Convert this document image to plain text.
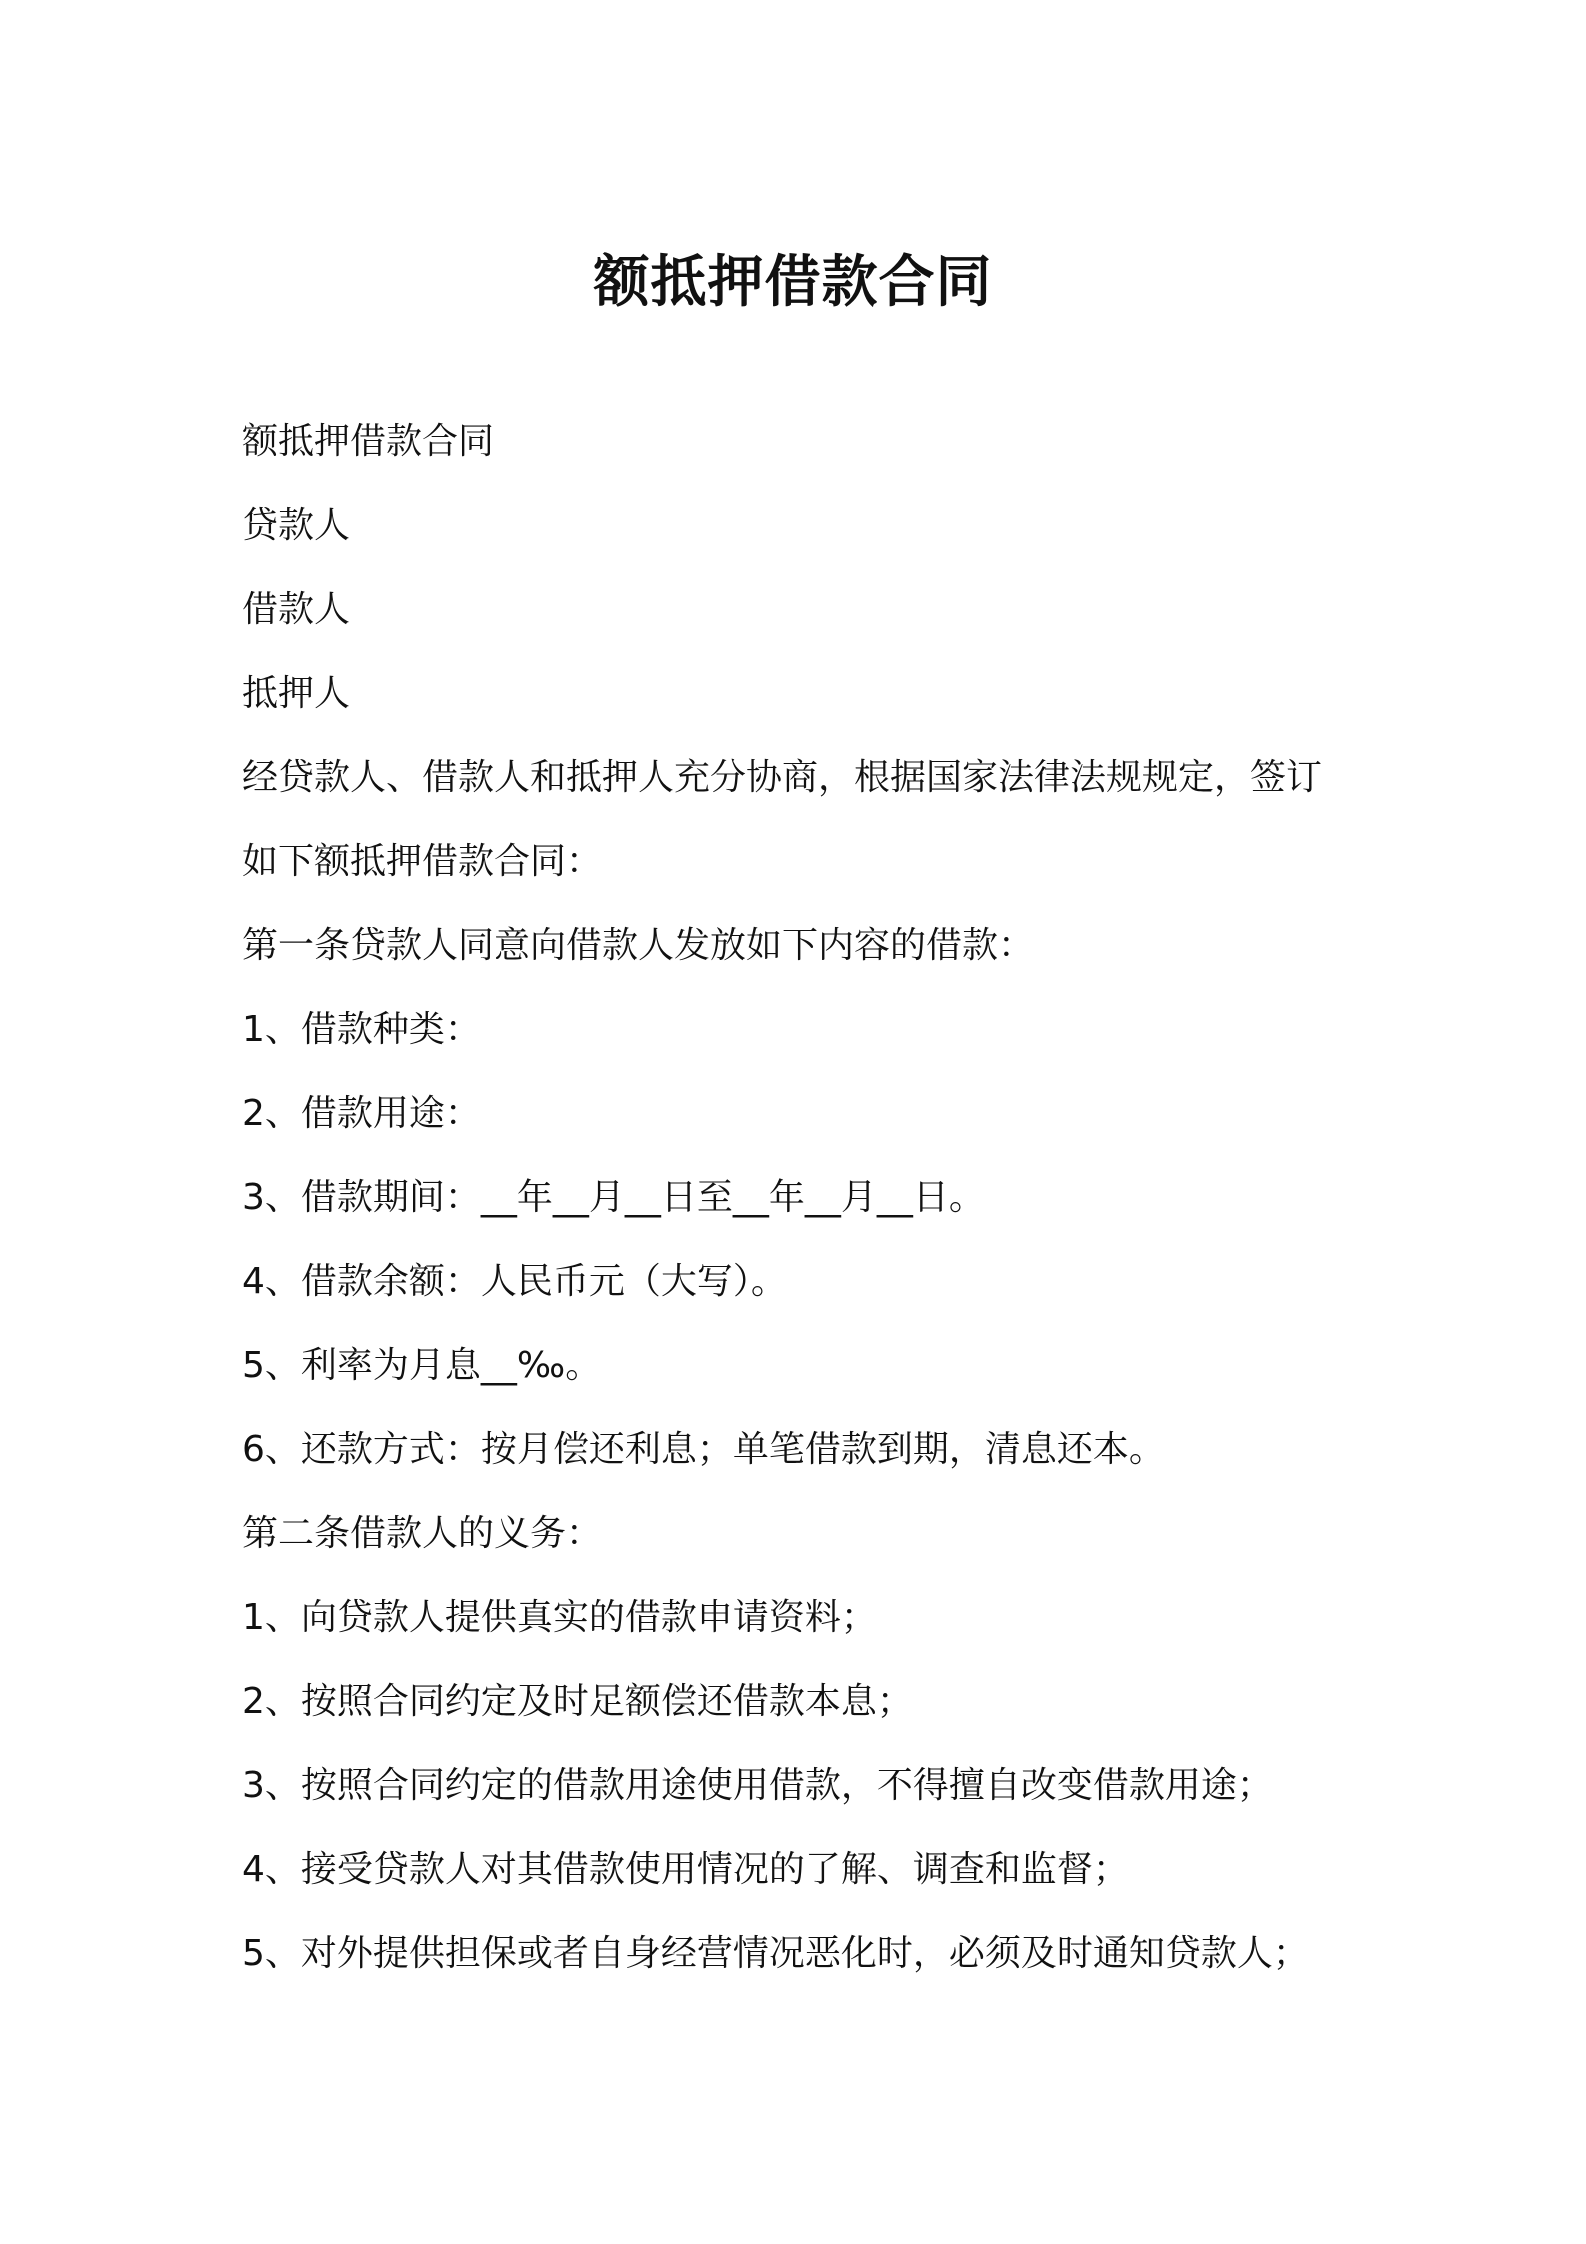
额抵押借款合同

额抵押借款合同

贷款人

借款人

抵押人

经贷款人、借款人和抵押人充分协商，根据国家法律法规规定，签订

如下额抵押借款合同：

第一条贷款人同意向借款人发放如下内容的借款：

1、借款种类：

2、借款用途：

3、借款期间：__年__月__日至__年__月__日。

4、借款余额：人民币元（大写）。

5、利率为月息__‰。

6、还款方式：按月偿还利息；单笔借款到期，清息还本。

第二条借款人的义务：

1、向贷款人提供真实的借款申请资料；

2、按照合同约定及时足额偿还借款本息；

3、按照合同约定的借款用途使用借款，不得擅自改变借款用途；

4、接受贷款人对其借款使用情况的了解、调查和监督；

5、对外提供担保或者自身经营情况恶化时，必须及时通知贷款人；
